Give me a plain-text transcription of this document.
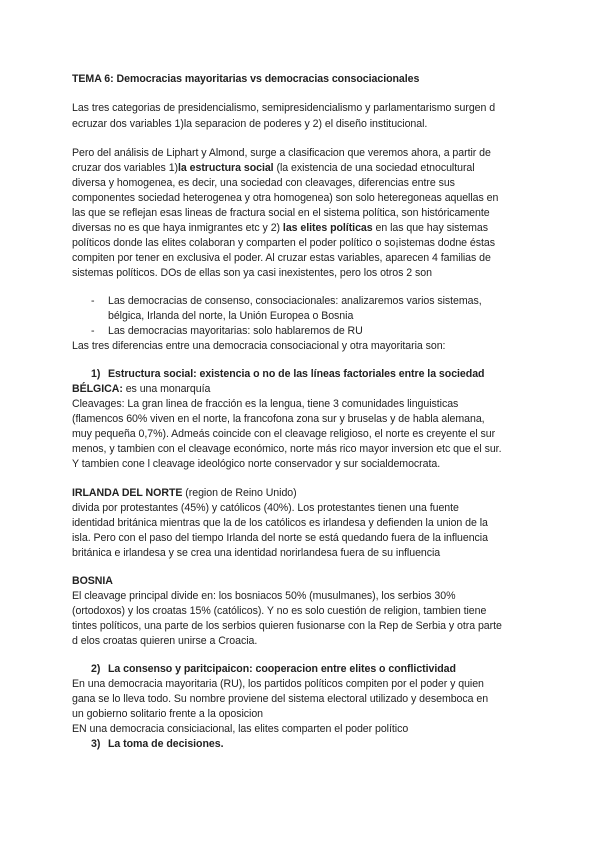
TEMA 6: Democracias mayoritarias vs democracias consociacionales
Las tres categorias de presidencialismo, semipresidencialismo y parlamentarismo surgen d
ecruzar dos variables 1)la separacion de poderes y 2) el diseño institucional.
Pero del análisis de Liphart y Almond, surge a clasificacion que veremos ahora, a partir de
cruzar dos variables 1)la estructura social (la existencia de una sociedad etnocultural
diversa y homogenea, es decir, una sociedad con cleavages, diferencias entre sus
componentes sociedad heterogenea y otra homogenea) son solo heteregoneas aquellas en
las que se reflejan esas lineas de fractura social en el sistema política, son históricamente
diversas no es que haya inmigrantes etc y 2) las elites políticas en las que hay sistemas
políticos donde las elites colaboran y comparten el poder político o so¡istemas dodne éstas
compiten por tener en exclusiva el poder. Al cruzar estas variables, aparecen 4 familias de
sistemas políticos. DOs de ellas son ya casi inexistentes, pero los otros 2 son
- Las democracias de consenso, consociacionales: analizaremos varios sistemas,
bélgica, Irlanda del norte, la Unión Europea o Bosnia
- Las democracias mayoritarias: solo hablaremos de RU
Las tres diferencias entre una democracia consociacional y otra mayoritaria son:
1) Estructura social: existencia o no de las líneas factoriales entre la sociedad
BÉLGICA: es una monarquía
Cleavages: La gran linea de fracción es la lengua, tiene 3 comunidades linguisticas
(flamencos 60% viven en el norte, la francofona zona sur y bruselas y de habla alemana,
muy pequeña 0,7%). Admeás coincide con el cleavage religioso, el norte es creyente el sur
menos, y tambien con el cleavage económico, norte más rico mayor inversion etc que el sur.
Y tambien cone l cleavage ideológico norte conservador y sur socialdemocrata.
IRLANDA DEL NORTE (region de Reino Unido)
divida por protestantes (45%) y católicos (40%). Los protestantes tienen una fuente
identidad británica mientras que la de los católicos es irlandesa y defienden la union de la
isla. Pero con el paso del tiempo Irlanda del norte se está quedando fuera de la influencia
británica e irlandesa y se crea una identidad norirlandesa fuera de su influencia
BOSNIA
El cleavage principal divide en: los bosniacos 50% (musulmanes), los serbios 30%
(ortodoxos) y los croatas 15% (católicos). Y no es solo cuestión de religion, tambien tiene
tintes políticos, una parte de los serbios quieren fusionarse con la Rep de Serbia y otra parte
d elos croatas quieren unirse a Croacia.
2) La consenso y paritcipaicon: cooperacion entre elites o conflictividad
En una democracia mayoritaria (RU), los partidos políticos compiten por el poder y quien
gana se lo lleva todo. Su nombre proviene del sistema electoral utilizado y desemboca en
un gobierno solitario frente a la oposicion
EN una democracia consiciacional, las elites comparten el poder político
3) La toma de decisiones.
